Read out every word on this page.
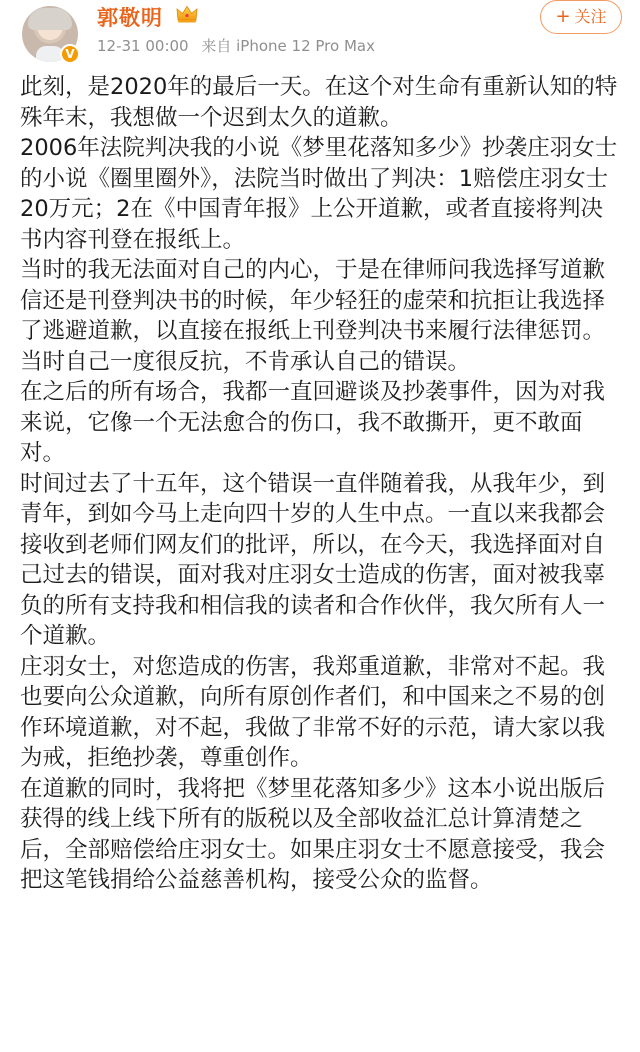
V
郭敬明
12-31 00:00 来自 iPhone 12 Pro Max
+ 关注

此刻，是2020年的最后一天。在这个对生命有重新认知的特殊年末，我想做一个迟到太久的道歉。

2006年法院判决我的小说《梦里花落知多少》抄袭庄羽女士的小说《圈里圈外》，法院当时做出了判决：1赔偿庄羽女士20万元；2在《中国青年报》上公开道歉，或者直接将判决书内容刊登在报纸上。

当时的我无法面对自己的内心，于是在律师问我选择写道歉信还是刊登判决书的时候，年少轻狂的虚荣和抗拒让我选择了逃避道歉，以直接在报纸上刊登判决书来履行法律惩罚。当时自己一度很反抗，不肯承认自己的错误。

在之后的所有场合，我都一直回避谈及抄袭事件，因为对我来说，它像一个无法愈合的伤口，我不敢撕开，更不敢面对。

时间过去了十五年，这个错误一直伴随着我，从我年少，到青年，到如今马上走向四十岁的人生中点。一直以来我都会接收到老师们网友们的批评，所以，在今天，我选择面对自己过去的错误，面对我对庄羽女士造成的伤害，面对被我辜负的所有支持我和相信我的读者和合作伙伴，我欠所有人一个道歉。

庄羽女士，对您造成的伤害，我郑重道歉，非常对不起。我也要向公众道歉，向所有原创作者们，和中国来之不易的创作环境道歉，对不起，我做了非常不好的示范，请大家以我为戒，拒绝抄袭，尊重创作。

在道歉的同时，我将把《梦里花落知多少》这本小说出版后获得的线上线下所有的版税以及全部收益汇总计算清楚之后，全部赔偿给庄羽女士。如果庄羽女士不愿意接受，我会把这笔钱捐给公益慈善机构，接受公众的监督。
